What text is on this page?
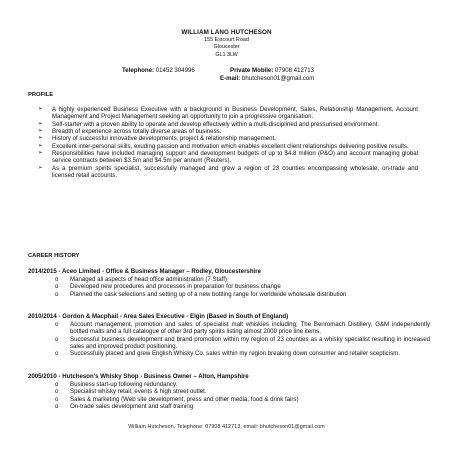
WILLIAM LANG HUTCHESON
155 Estcourt Road
Gloucester
GL1 3LW
Telephone: 01452 304996	Private Mobile: 07908 412713
E-mail: bhutcheson01@gmail.com
PROFILE
➢ A highly experienced Business Executive with a background in Business Development, Sales, Relationship Management, Account Management and Project Management seeking an opportunity to join a progressive organisation.
➢ Self-starter with a proven ability to operate and develop effectively within a multi-disciplined and pressurised environment.
➢ Breadth of experience across totally diverse areas of business.
➢ History of successful innovative developments, project & relationship management.
➢ Excellent inter-personal skills, exuding passion and motivation which enables excellent client relationships delivering positive results.
➢ Responsibilities have included managing support and development budgets of up to $4.8 million (P&O) and account managing global service contracts between $3.5m and $4.5m per annum (Reuters).
➢ As a premium spirits specialist, successfully managed and grew a region of 23 counties encompassing wholesale, on-trade and licensed retail accounts.
CAREER HISTORY
2014/2015 - Aceo Limited - Office & Business Manager – Rodley, Gloucestershire
o Managed all aspects of head office administration (7 Staff)
o Developed new procedures and processes in preparation for business change
o Planned the cask selections and setting up of a new bottling range for worldwide wholesale distribution
2010/2014 - Gordon & Macphail - Area Sales Executive - Elgin (Based in South of England)
o Account management, promotion and sales of specialist malt whiskies including; The Benromach Distillery, G&M independently bottled malts and a full catalogue of other 3rd party spirits listing almost 2000 price line items.
o Successful business development and brand promotion within my region of 23 counties as a whisky specialist resulting in increased sales and improved product positioning.
o Successfully placed and grew English Whisky Co. sales within my region breaking down consumer and retailer scepticism.
2005/2010 - Hutcheson’s Whisky Shop - Business Owner – Alton, Hampshire
o Business start-up following redundancy.
o Specialist whisky retail, events & high street outlet.
o Sales & marketing (Web site development, press and other media, food & drink fairs)
o On-trade sales development and staff training
William Hutcheson, Telephone: 07908 412713, email: bhutcheson01@gmail.com
